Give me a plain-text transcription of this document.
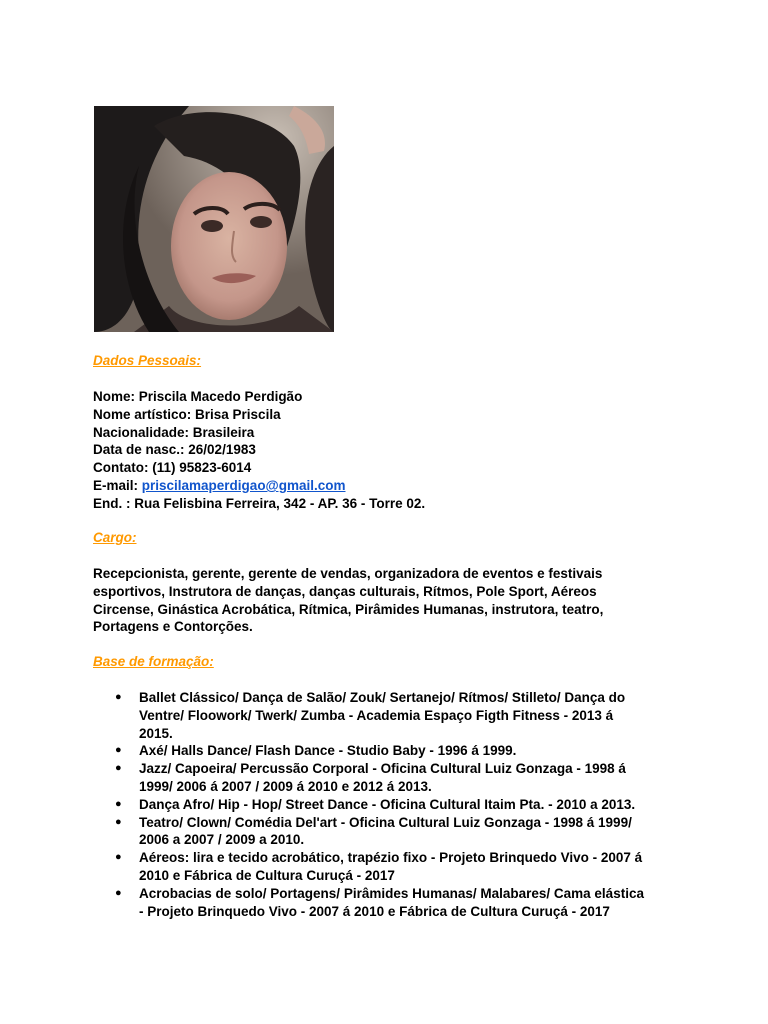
Dados Pessoais:

Nome: Priscila Macedo Perdigão
Nome artístico: Brisa Priscila
Nacionalidade: Brasileira
Data de nasc.: 26/02/1983
Contato: (11) 95823-6014
E-mail: priscilamaperdigao@gmail.com
End. : Rua Felisbina Ferreira, 342 - AP. 36 - Torre 02.

Cargo:

Recepcionista, gerente, gerente de vendas, organizadora de eventos e festivais
esportivos, Instrutora de danças, danças culturais, Rítmos, Pole Sport, Aéreos
Circense, Ginástica Acrobática, Rítmica, Pirâmides Humanas, instrutora, teatro,
Portagens e Contorções.

Base de formação:

● Ballet Clássico/ Dança de Salão/ Zouk/ Sertanejo/ Rítmos/ Stilleto/ Dança do
Ventre/ Floowork/ Twerk/ Zumba - Academia Espaço Figth Fitness - 2013 á
2015.
● Axé/ Halls Dance/ Flash Dance - Studio Baby - 1996 á 1999.
● Jazz/ Capoeira/ Percussão Corporal - Oficina Cultural Luiz Gonzaga - 1998 á
1999/ 2006 á 2007 / 2009 á 2010 e 2012 á 2013.
● Dança Afro/ Hip - Hop/ Street Dance - Oficina Cultural Itaim Pta. - 2010 a 2013.
● Teatro/ Clown/ Comédia Del'art - Oficina Cultural Luiz Gonzaga - 1998 á 1999/
2006 a 2007 / 2009 a 2010.
● Aéreos: lira e tecido acrobático, trapézio fixo - Projeto Brinquedo Vivo - 2007 á
2010 e Fábrica de Cultura Curuçá - 2017
● Acrobacias de solo/ Portagens/ Pirâmides Humanas/ Malabares/ Cama elástica
- Projeto Brinquedo Vivo - 2007 á 2010 e Fábrica de Cultura Curuçá - 2017
